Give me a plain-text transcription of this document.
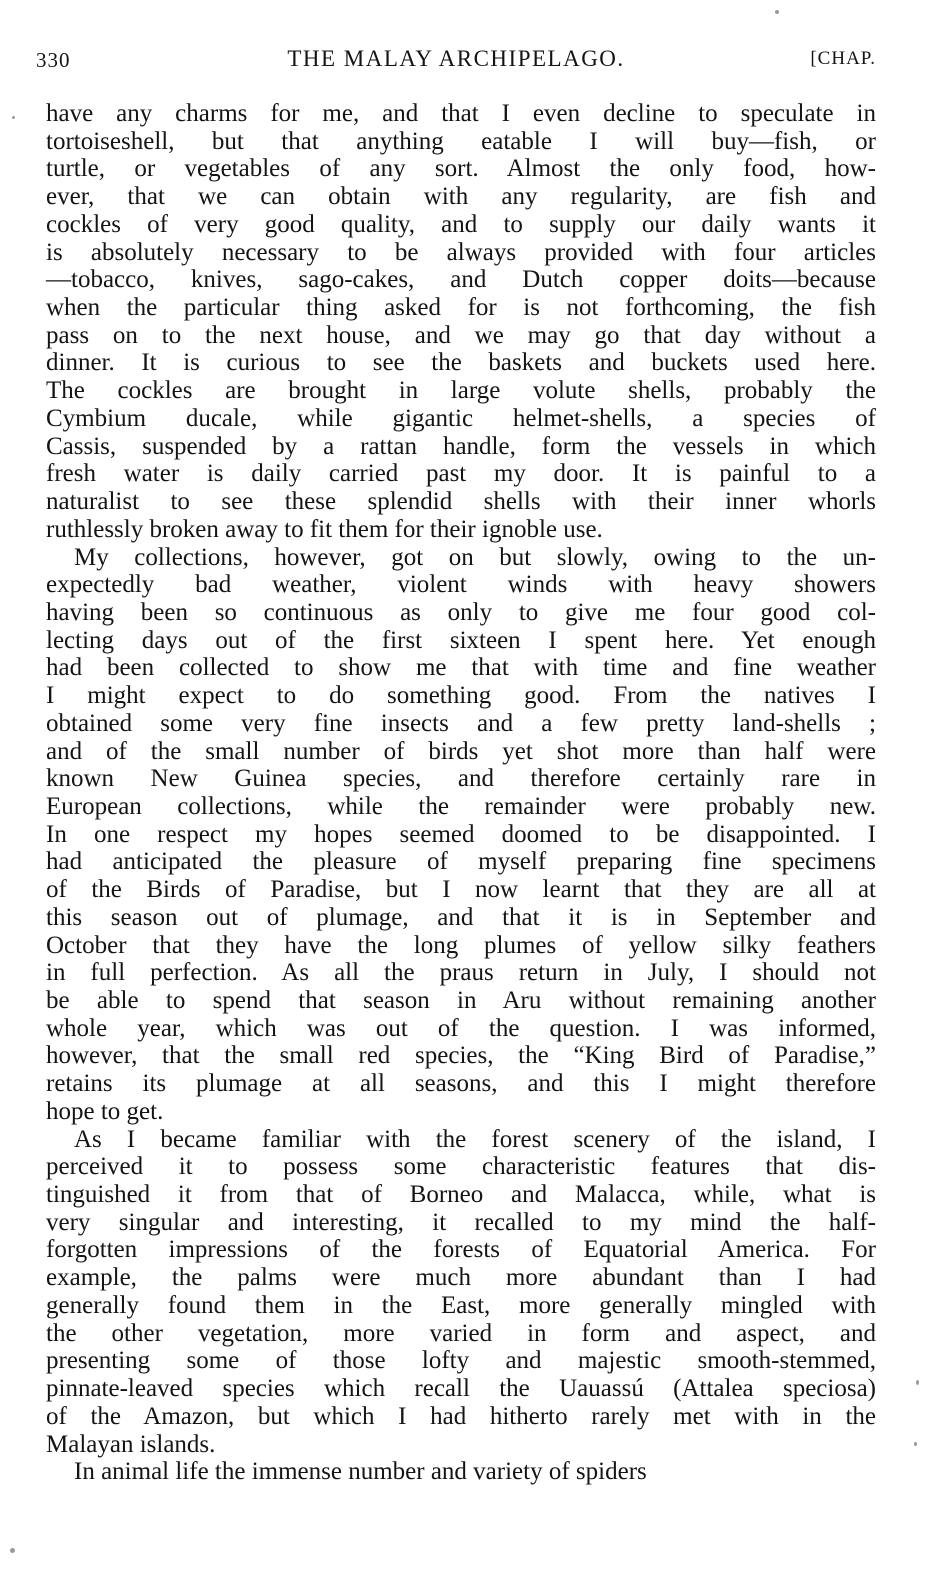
330	THE MALAY ARCHIPELAGO.	[CHAP.
have any charms for me, and that I even decline to speculate in
tortoiseshell, but that anything eatable I will buy—fish, or
turtle, or vegetables of any sort. Almost the only food, how-
ever, that we can obtain with any regularity, are fish and
cockles of very good quality, and to supply our daily wants it
is absolutely necessary to be always provided with four articles
—tobacco, knives, sago-cakes, and Dutch copper doits—because
when the particular thing asked for is not forthcoming, the fish
pass on to the next house, and we may go that day without a
dinner. It is curious to see the baskets and buckets used here.
The cockles are brought in large volute shells, probably the
Cymbium ducale, while gigantic helmet-shells, a species of
Cassis, suspended by a rattan handle, form the vessels in which
fresh water is daily carried past my door. It is painful to a
naturalist to see these splendid shells with their inner whorls
ruthlessly broken away to fit them for their ignoble use.
My collections, however, got on but slowly, owing to the un-
expectedly bad weather, violent winds with heavy showers
having been so continuous as only to give me four good col-
lecting days out of the first sixteen I spent here. Yet enough
had been collected to show me that with time and fine weather
I might expect to do something good. From the natives I
obtained some very fine insects and a few pretty land-shells ;
and of the small number of birds yet shot more than half were
known New Guinea species, and therefore certainly rare in
European collections, while the remainder were probably new.
In one respect my hopes seemed doomed to be disappointed. I
had anticipated the pleasure of myself preparing fine specimens
of the Birds of Paradise, but I now learnt that they are all at
this season out of plumage, and that it is in September and
October that they have the long plumes of yellow silky feathers
in full perfection. As all the praus return in July, I should not
be able to spend that season in Aru without remaining another
whole year, which was out of the question. I was informed,
however, that the small red species, the “King Bird of Paradise,”
retains its plumage at all seasons, and this I might therefore
hope to get.
As I became familiar with the forest scenery of the island, I
perceived it to possess some characteristic features that dis-
tinguished it from that of Borneo and Malacca, while, what is
very singular and interesting, it recalled to my mind the half-
forgotten impressions of the forests of Equatorial America. For
example, the palms were much more abundant than I had
generally found them in the East, more generally mingled with
the other vegetation, more varied in form and aspect, and
presenting some of those lofty and majestic smooth-stemmed,
pinnate-leaved species which recall the Uauassú (Attalea speciosa)
of the Amazon, but which I had hitherto rarely met with in the
Malayan islands.
In animal life the immense number and variety of spiders
